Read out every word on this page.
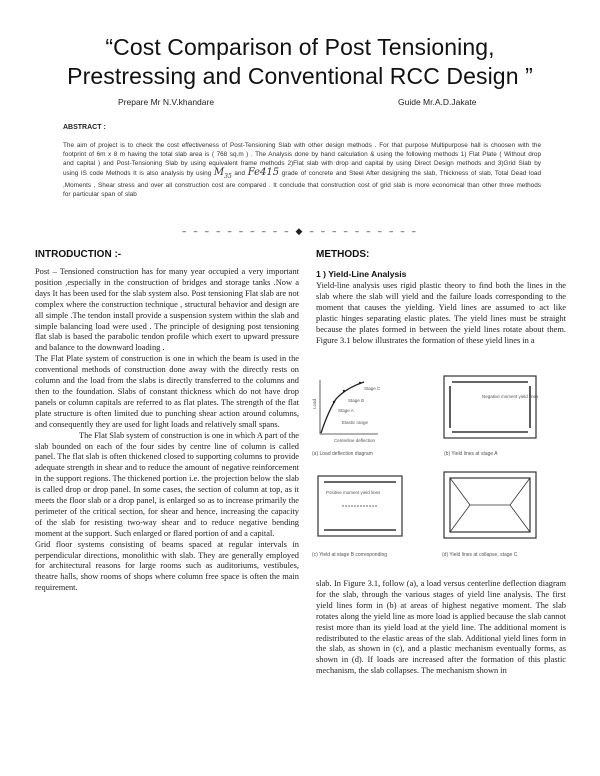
“Cost Comparison of Post Tensioning,
Prestressing and Conventional RCC Design ”
Prepare Mr N.V.khandare	Guide Mr.A.D.Jakate
ABSTRACT :
The aim of project is to check the cost effectiveness of Post-Tensioning Slab with other design methods . For that purpose Multipurpose hall is choosen with the footprint of 6m x 8 m having the total slab area is ( 768 sq.m ) . The Analysis done by hand calculation & using the following methods 1) Flat Plate ( Without drop and capital ) and Post-Tensioning Slab by using equivalent frame methods 2)Flat slab with drop and capital by using Direct Design methods and 3)Grid Slab by using IS code Methods It is also analysis by using $M_{35}$ and Fe415 grade of concrete and Steel After designing the slab, Thickness of slab, Total Dead load ,Moments , Shear stress and over all construction cost are compared . It conclude that construction cost of grid slab is more economical than other three methods for particular span of slab
– – – – – – – – – – ◆ – – – – – – – – – –
INTRODUCTION :-

Post – Tensioned construction has for many year occupied a very important position ,especially in the construction of bridges and storage tanks .Now a days It has been used for the slab system also. Post tensioning Flat slab are not complex where the construction technique , structural behavior and design are all simple .The tendon install provide a suspension system within the slab and simple balancing load were used . The principle of designing post tensioning flat slab is based the parabolic tendon profile which exert to upward pressure and balance to the downward loading .

The Flat Plate system of construction is one in which the beam is used in the conventional methods of construction done away with the directly rests on column and the load from the slabs is directly transferred to the columns and then to the foundation. Slabs of constant thickness which do not have drop panels or column capitals are referred to as flat plates. The strength of the flat plate structure is often limited due to punching shear action around columns, and consequently they are used for light loads and relatively small spans.

The Flat Slab system of construction is one in which A part of the slab bounded on each of the four sides by centre line of column is called panel. The flat slab is often thickened closed to supporting columns to provide adequate strength in shear and to reduce the amount of negative reinforcement in the support regions. The thickened portion i.e. the projection below the slab is called drop or drop panel. In some cases, the section of column at top, as it meets the floor slab or a drop panel, is enlarged so as to increase primarily the perimeter of the critical section, for shear and hence, increasing the capacity of the slab for resisting two-way shear and to reduce negative bending moment at the support. Such enlarged or flared portion of and a capital.

Grid floor systems consisting of beams spaced at regular intervals in perpendicular directions, monolithic with slab. They are generally employed for architectural reasons for large rooms such as auditoriums, vestibules, theatre halls, show rooms of shops where column free space is often the main requirement.

METHODS:
1 ) Yield-Line Analysis
Yield-line analysis uses rigid plastic theory to find both the lines in the slab where the slab will yield and the failure loads corresponding to the moment that causes the yielding. Yield lines are assumed to act like plastic hinges separating elastic plates. The yield lines must be straight because the plates formed in between the yield lines rotate about them. Figure 3.1 below illustrates the formation of these yield lines in a
Load
Centerline deflection
Stage A
Stage B
Stage C
Elastic range
(a) Load deflection diagram
Negative moment yield lines
(b) Yield lines at stage A
Positive moment yield lines
(c) Yield at stage B corresponding	(d) Yield lines at collapse, stage C
slab. In Figure 3.1, follow (a), a load versus centerline deflection diagram for the slab, through the various stages of yield line analysis. The first yield lines form in (b) at areas of highest negative moment. The slab rotates along the yield line as more load is applied because the slab cannot resist more than its yield load at the yield line. The additional moment is redistributed to the elastic areas of the slab. Additional yield lines form in the slab, as shown in (c), and a plastic mechanism eventually forms, as shown in (d). If loads are increased after the formation of this plastic mechanism, the slab collapses. The mechanism shown in
